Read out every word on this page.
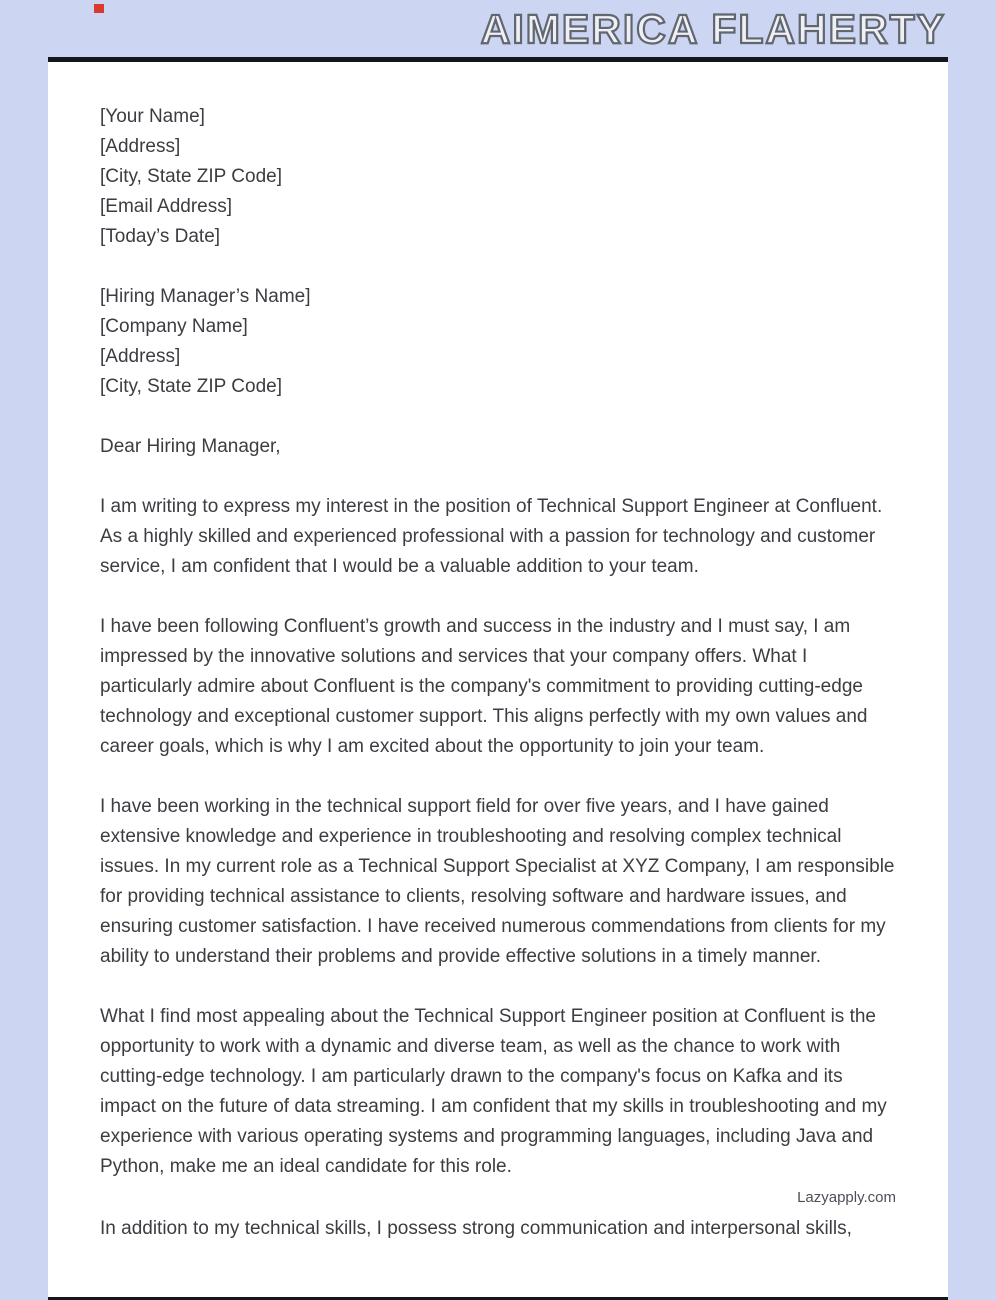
AIMERICA FLAHERTY
[Your Name]
[Address]
[City, State ZIP Code]
[Email Address]
[Today’s Date]
[Hiring Manager’s Name]
[Company Name]
[Address]
[City, State ZIP Code]

Dear Hiring Manager,

I am writing to express my interest in the position of Technical Support Engineer at Confluent. As a highly skilled and experienced professional with a passion for technology and customer service, I am confident that I would be a valuable addition to your team.

I have been following Confluent’s growth and success in the industry and I must say, I am impressed by the innovative solutions and services that your company offers. What I particularly admire about Confluent is the company's commitment to providing cutting-edge technology and exceptional customer support. This aligns perfectly with my own values and career goals, which is why I am excited about the opportunity to join your team.

I have been working in the technical support field for over five years, and I have gained extensive knowledge and experience in troubleshooting and resolving complex technical issues. In my current role as a Technical Support Specialist at XYZ Company, I am responsible for providing technical assistance to clients, resolving software and hardware issues, and ensuring customer satisfaction. I have received numerous commendations from clients for my ability to understand their problems and provide effective solutions in a timely manner.

What I find most appealing about the Technical Support Engineer position at Confluent is the opportunity to work with a dynamic and diverse team, as well as the chance to work with cutting-edge technology. I am particularly drawn to the company's focus on Kafka and its impact on the future of data streaming. I am confident that my skills in troubleshooting and my experience with various operating systems and programming languages, including Java and Python, make me an ideal candidate for this role.

Lazyapply.com

In addition to my technical skills, I possess strong communication and interpersonal skills,
